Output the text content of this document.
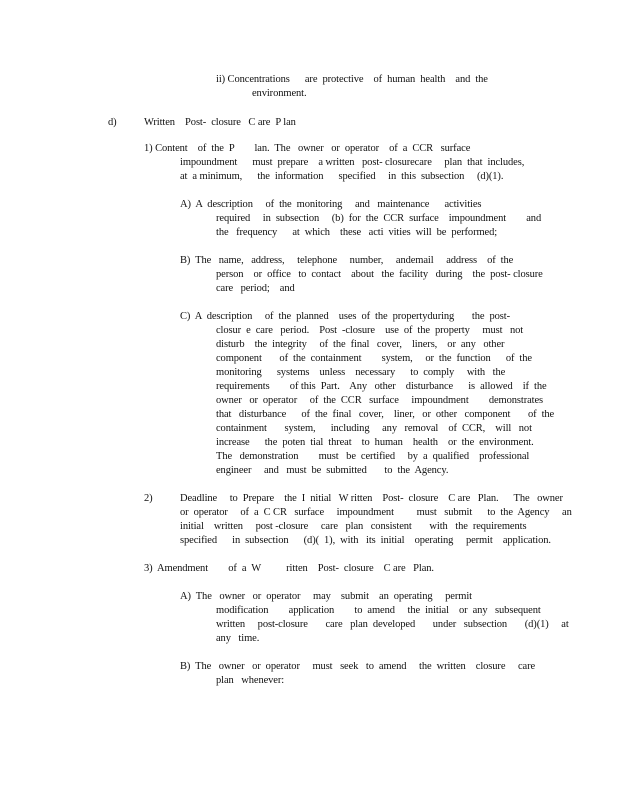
ii) Concentrations      are  protective    of  human  health    and  the
environment.
d)	Written    Post-  closure   C are  P lan
1) Content    of  the  P        lan.  The   owner   or  operator    of  a  CCR   surface
impoundment      must  prepare    a written   post- closurecare     plan  that  includes,
at  a minimum,      the  information      specified     in  this  subsection     (d)(1).
A)  A  description     of  the  monitoring     and   maintenance      activities
required     in  subsection     (b)  for  the  CCR  surface    impoundment        and
the   frequency      at  which    these   acti  vities  will  be  performed;
B)  The   name,   address,     telephone     number,     andemail     address    of  the
person    or  office   to  contact    about   the  facility   during    the  post- closure
care   period;    and
C)  A  description     of  the  planned    uses  of  the  propertyduring       the  post-
closur  e  care   period.    Post  -closure    use  of  the  property     must   not
disturb    the  integrity     of  the  final   cover,    liners,    or  any   other
component       of  the  containment        system,     or  the  function      of  the
monitoring      systems    unless    necessary      to  comply     with   the
requirements        of this  Part.    Any   other    disturbance      is  allowed    if  the
owner   or  operator     of  the  CCR   surface     impoundment        demonstrates
that   disturbance      of  the  final   cover,    liner,   or  other   component       of  the
containment       system,      including     any   removal    of  CCR,    will   not
increase      the  poten  tial  threat    to  human    health    or  the  environment.
The   demonstration        must   be  certified     by  a  qualified    professional
engineer     and   must  be  submitted       to  the  Agency.
2)	Deadline     to  Prepare    the  I  nitial   W ritten    Post-  closure    C are   Plan.      The   owner
or  operator     of  a  C CR   surface     impoundment         must   submit      to  the  Agency     an
initial    written     post -closure     care   plan   consistent       with   the  requirements
specified      in  subsection      (d)(  1),  with   its  initial    operating     permit    application.
3)  Amendment        of  a  W          ritten    Post-  closure    C are   Plan.
A)  The   owner   or  operator     may    submit    an  operating     permit
modification        application        to  amend     the  initial    or  any   subsequent
written     post-closure       care   plan  developed       under   subsection       (d)(1)     at
any   time.
B)  The   owner   or  operator     must   seek   to  amend     the  written    closure     care
plan   whenever:
